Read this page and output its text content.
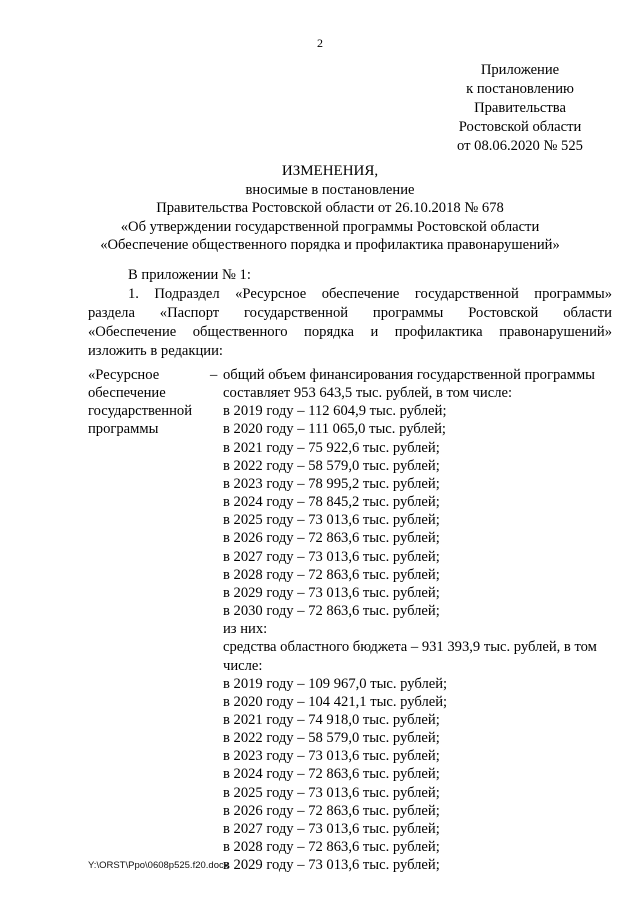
2
Приложение
к постановлению
Правительства
Ростовской области
от 08.06.2020 № 525
ИЗМЕНЕНИЯ,
вносимые в постановление
Правительства Ростовской области от 26.10.2018 № 678
«Об утверждении государственной программы Ростовской области
«Обеспечение общественного порядка и профилактика правонарушений»
В приложении № 1:
1. Подраздел «Ресурсное обеспечение государственной программы»
раздела «Паспорт государственной программы Ростовской области
«Обеспечение общественного порядка и профилактика правонарушений»
изложить в редакции:
«Ресурсное
обеспечение
государственной
программы
– общий объем финансирования государственной программы
составляет 953 643,5 тыс. рублей, в том числе:
в 2019 году – 112 604,9 тыс. рублей;
в 2020 году – 111 065,0 тыс. рублей;
в 2021 году – 75 922,6 тыс. рублей;
в 2022 году – 58 579,0 тыс. рублей;
в 2023 году – 78 995,2 тыс. рублей;
в 2024 году – 78 845,2 тыс. рублей;
в 2025 году – 73 013,6 тыс. рублей;
в 2026 году – 72 863,6 тыс. рублей;
в 2027 году – 73 013,6 тыс. рублей;
в 2028 году – 72 863,6 тыс. рублей;
в 2029 году – 73 013,6 тыс. рублей;
в 2030 году – 72 863,6 тыс. рублей;
из них:
средства областного бюджета – 931 393,9 тыс. рублей, в том
числе:
в 2019 году – 109 967,0 тыс. рублей;
в 2020 году – 104 421,1 тыс. рублей;
в 2021 году – 74 918,0 тыс. рублей;
в 2022 году – 58 579,0 тыс. рублей;
в 2023 году – 73 013,6 тыс. рублей;
в 2024 году – 72 863,6 тыс. рублей;
в 2025 году – 73 013,6 тыс. рублей;
в 2026 году – 72 863,6 тыс. рублей;
в 2027 году – 73 013,6 тыс. рублей;
в 2028 году – 72 863,6 тыс. рублей;
в 2029 году – 73 013,6 тыс. рублей;
Y:\ORST\Ppo\0608p525.f20.docx
